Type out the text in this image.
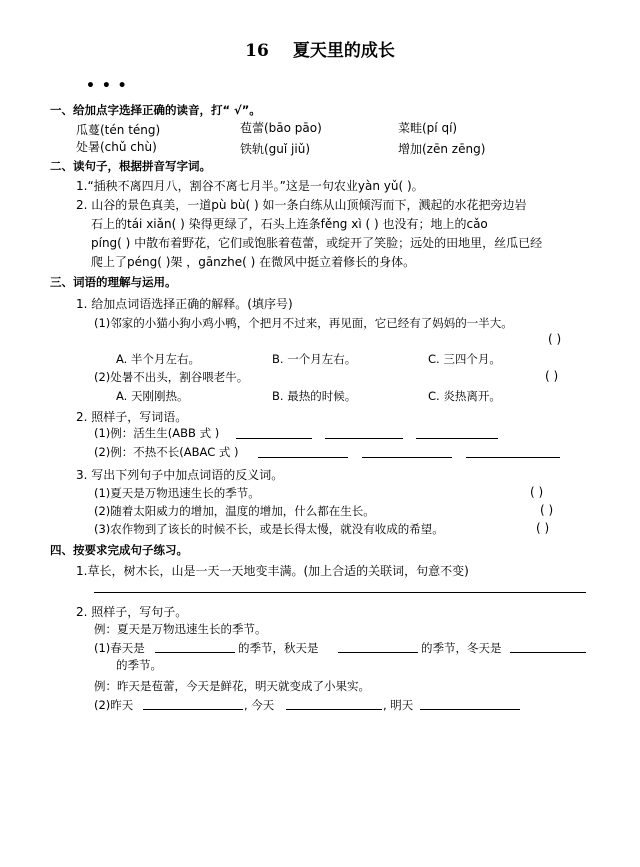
16 夏天里的成长
• • •
一、给加点字选择正确的读音，打“ √”。
瓜蔓(tén téng)	苞蕾(bāo pāo)	菜畦(pí qí)
处暑(chǔ chù)	铁轨(guǐ jiǔ)	增加(zēn zēng)
二、读句子，根据拼音写字词。
1.“插秧不离四月八，割谷不离七月半。”这是一句农业yàn yǔ( )。
2. 山谷的景色真美，一道pù bù( ) 如一条白练从山顶倾泻而下，溅起的水花把旁边岩
石上的tái xiǎn( ) 染得更绿了，石头上连条fěng xì ( ) 也没有；地上的cǎo
píng( ) 中散布着野花，它们或饱胀着苞蕾，或绽开了笑脸；远处的田地里，丝瓜已经
爬上了péng( )架 ，gānzhe( ) 在微风中挺立着修长的身体。
三、词语的理解与运用。
1. 给加点词语选择正确的解释。(填序号)
(1)邻家的小猫小狗小鸡小鸭，个把月不过来，再见面，它已经有了妈妈的一半大。
( )
A. 半个月左右。	B. 一个月左右。	C. 三四个月。
(2)处暑不出头，割谷喂老牛。	( )
A. 天刚刚热。	B. 最热的时候。	C. 炎热离开。
2. 照样子，写词语。
(1)例：活生生(ABB 式 )
(2)例：不热不长(ABAC 式 )
3. 写出下列句子中加点词语的反义词。
(1)夏天是万物迅速生长的季节。	( )
(2)随着太阳威力的增加，温度的增加，什么都在生长。	( )
(3)农作物到了该长的时候不长，或是长得太慢，就没有收成的希望。	( )
四、按要求完成句子练习。
1.草长，树木长，山是一天一天地变丰满。(加上合适的关联词，句意不变)
2. 照样子，写句子。
例：夏天是万物迅速生长的季节。
(1)春天是	的季节，秋天是	的季节，冬天是
的季节。
例：昨天是苞蕾，今天是鲜花，明天就变成了小果实。
(2)昨天	, 今天	, 明天
